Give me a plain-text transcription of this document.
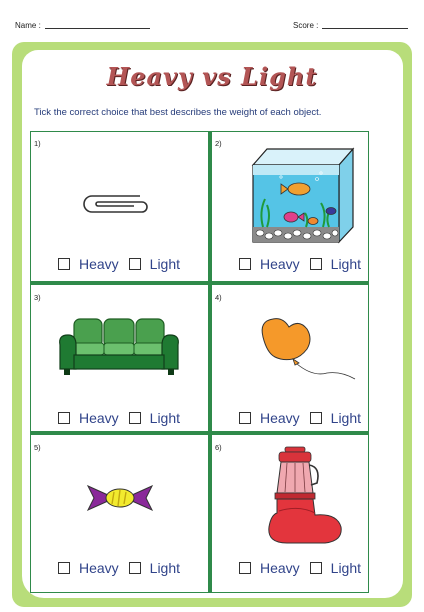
Name :	Score :
Heavy vs Light
Tick the correct choice that best describes the weight of each object.
1)
Heavy Light
2)
Heavy Light
3)
Heavy Light
4)
Heavy Light
5)
Heavy Light
6)
Heavy Light
